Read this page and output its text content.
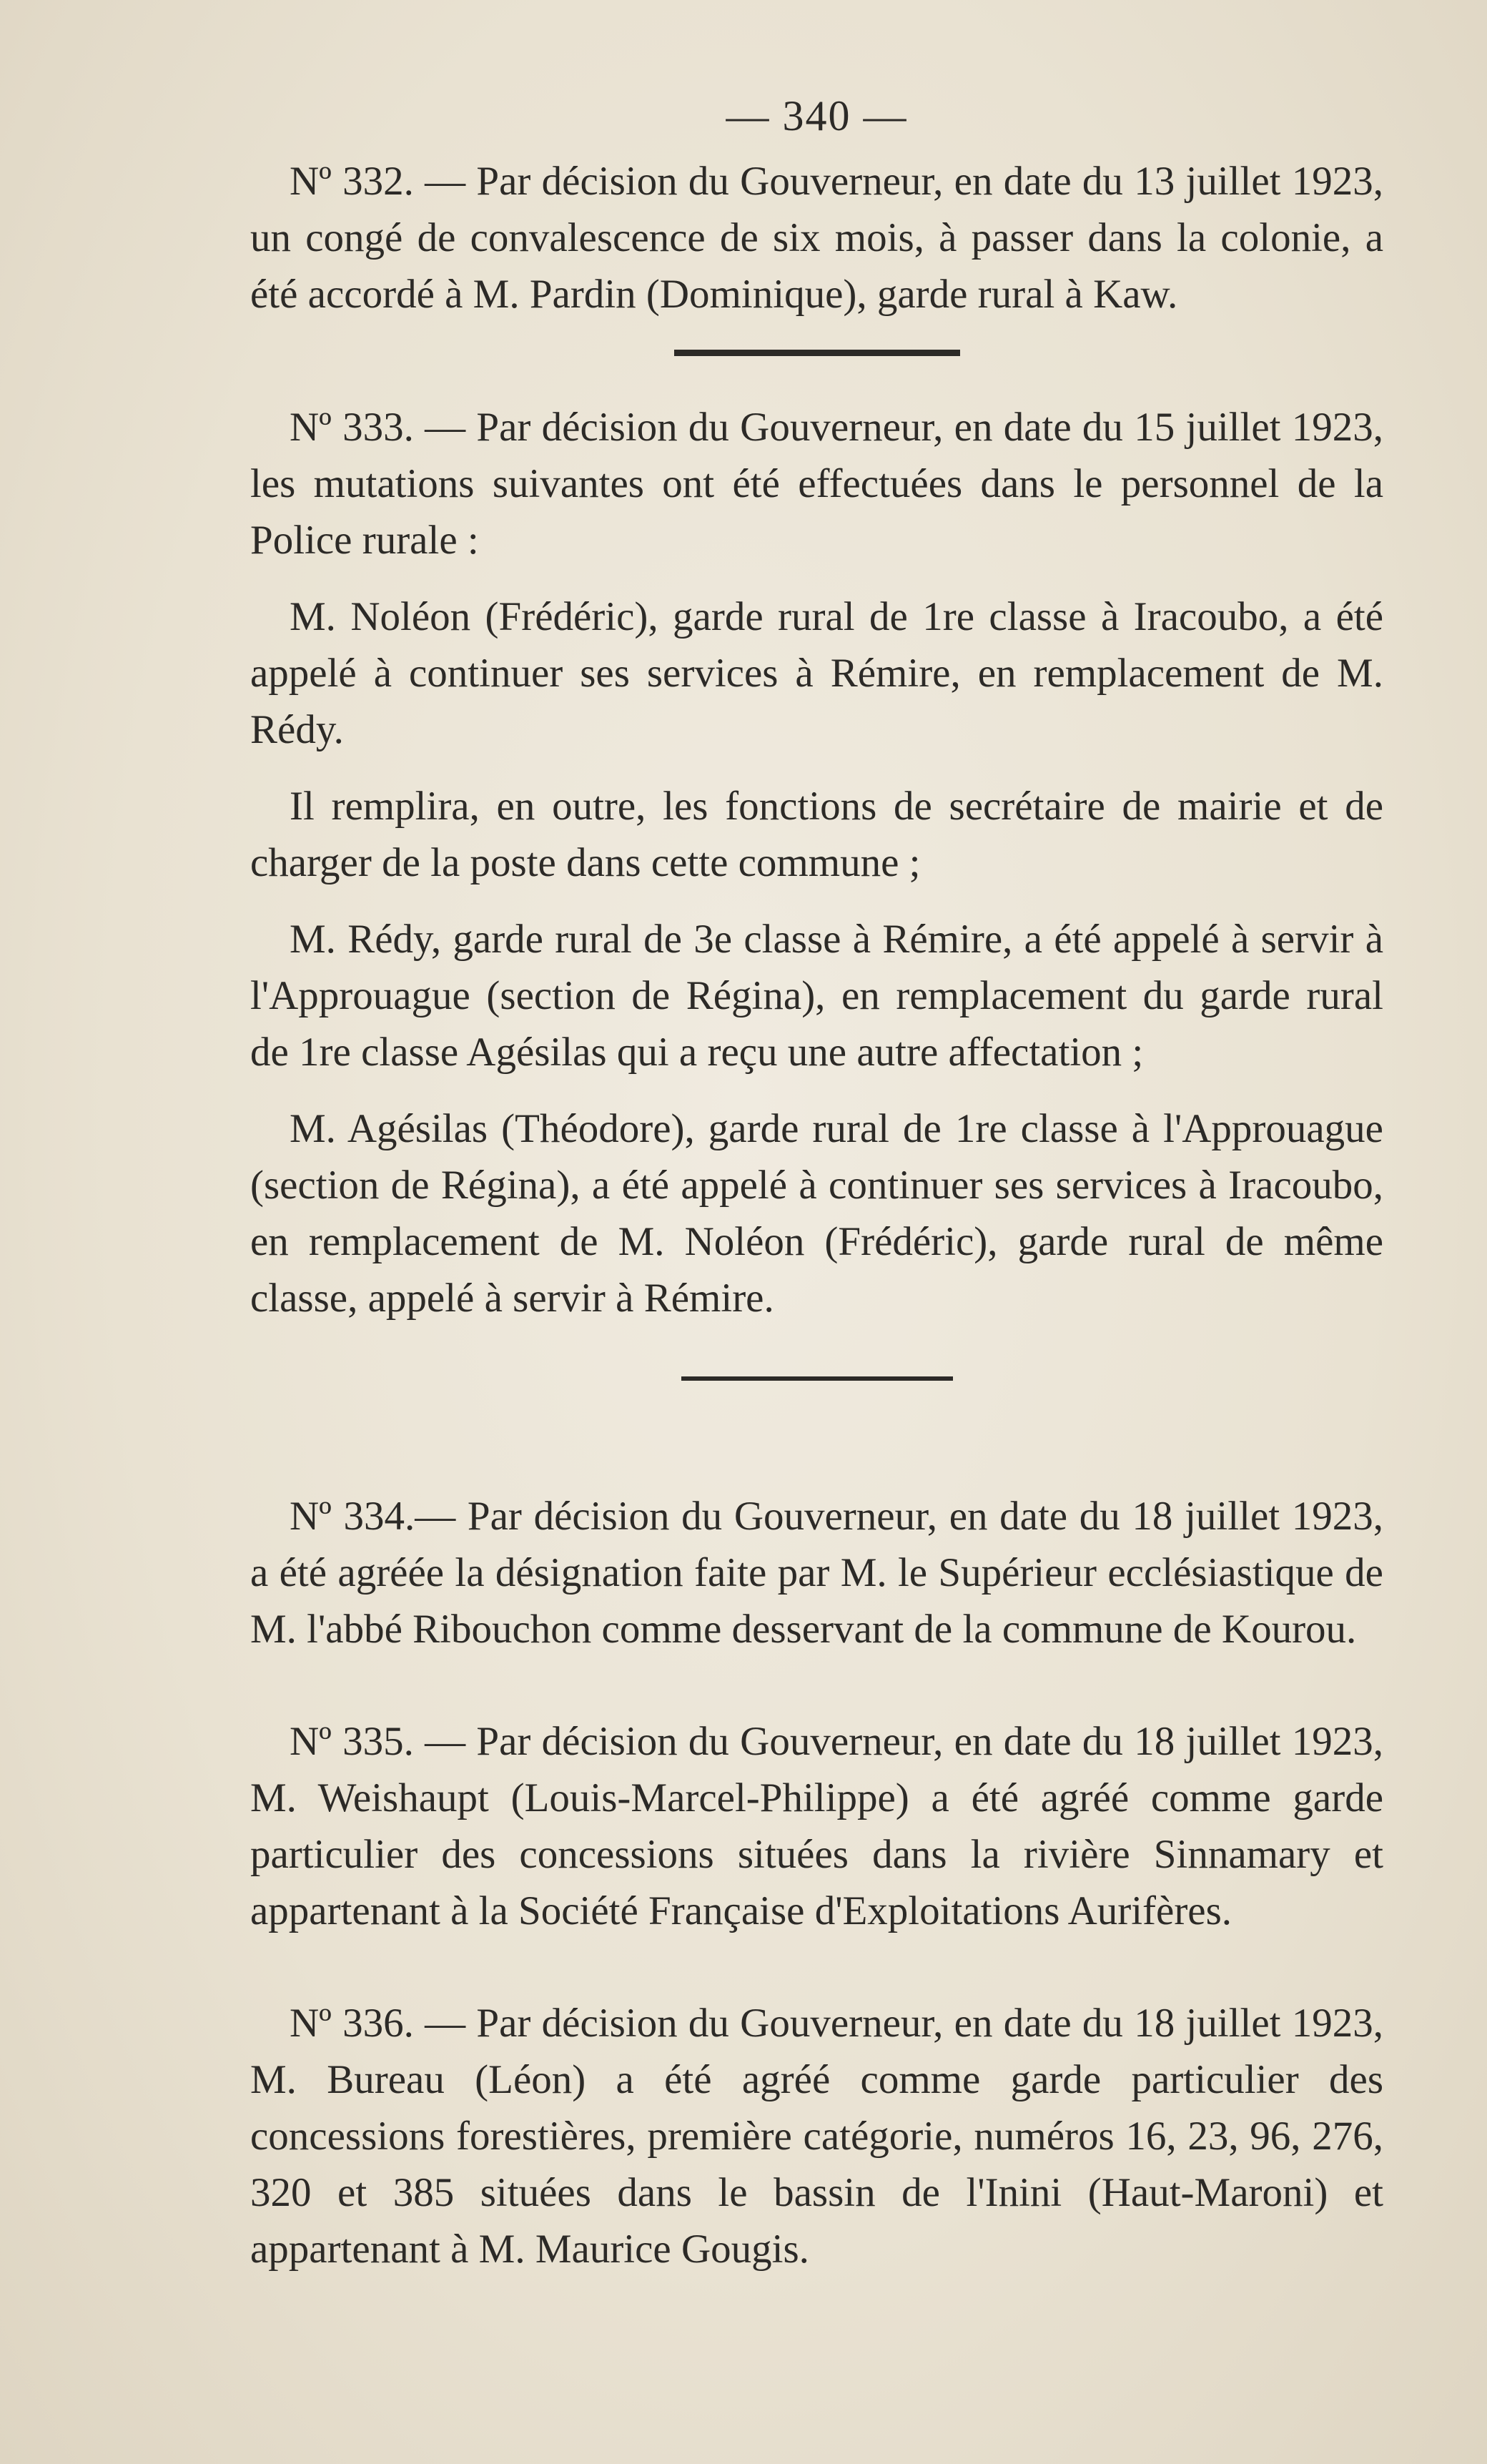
— 340 —

Nº 332. — Par décision du Gouverneur, en date du 13 juillet 1923, un congé de convalescence de six mois, à passer dans la colonie, a été accordé à M. Pardin (Dominique), garde rural à Kaw.

Nº 333. — Par décision du Gouverneur, en date du 15 juillet 1923, les mutations suivantes ont été effectuées dans le personnel de la Police rurale :

M. Noléon (Frédéric), garde rural de 1re classe à Iracoubo, a été appelé à continuer ses services à Rémire, en remplacement de M. Rédy.

Il remplira, en outre, les fonctions de secrétaire de mairie et de charger de la poste dans cette commune ;

M. Rédy, garde rural de 3e classe à Rémire, a été appelé à servir à l'Approuague (section de Régina), en remplacement du garde rural de 1re classe Agésilas qui a reçu une autre affectation ;

M. Agésilas (Théodore), garde rural de 1re classe à l'Approuague (section de Régina), a été appelé à continuer ses services à Iracoubo, en remplacement de M. Noléon (Frédéric), garde rural de même classe, appelé à servir à Rémire.

Nº 334.— Par décision du Gouverneur, en date du 18 juillet 1923, a été agréée la désignation faite par M. le Supérieur ecclésiastique de M. l'abbé Ribouchon comme desservant de la commune de Kourou.

Nº 335. — Par décision du Gouverneur, en date du 18 juillet 1923, M. Weishaupt (Louis-Marcel-Philippe) a été agréé comme garde particulier des concessions situées dans la rivière Sinnamary et appartenant à la Société Française d'Exploitations Aurifères.

Nº 336. — Par décision du Gouverneur, en date du 18 juillet 1923, M. Bureau (Léon) a été agréé comme garde particulier des concessions forestières, première catégorie, numéros 16, 23, 96, 276, 320 et 385 situées dans le bassin de l'Inini (Haut-Maroni) et appartenant à M. Maurice Gougis.
